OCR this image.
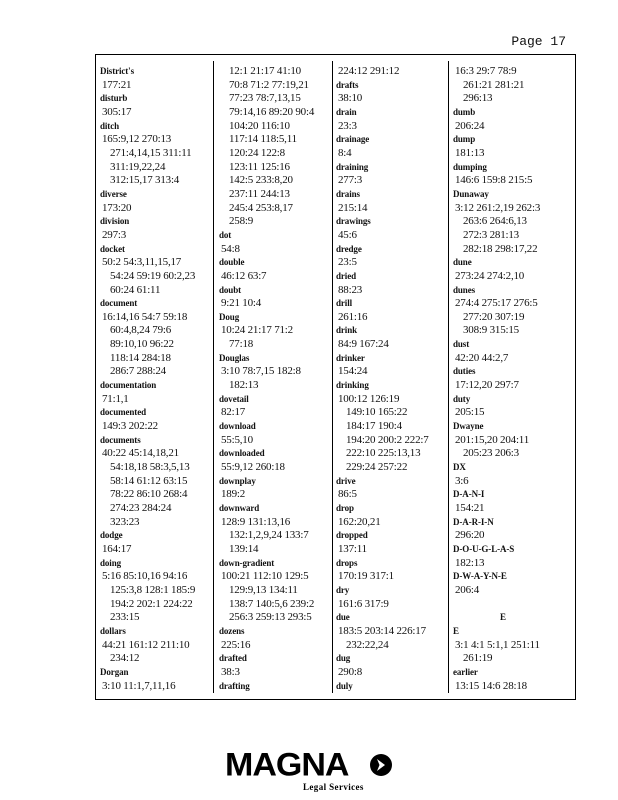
Page 17
District's
177:21
disturb
305:17
ditch
165:9,12 270:13
271:4,14,15 311:11
311:19,22,24
312:15,17 313:4
diverse
173:20
division
297:3
docket
50:2 54:3,11,15,17
54:24 59:19 60:2,23
60:24 61:11
document
16:14,16 54:7 59:18
60:4,8,24 79:6
89:10,10 96:22
118:14 284:18
286:7 288:24
documentation
71:1,1
documented
149:3 202:22
documents
40:22 45:14,18,21
54:18,18 58:3,5,13
58:14 61:12 63:15
78:22 86:10 268:4
274:23 284:24
323:23
dodge
164:17
doing
5:16 85:10,16 94:16
125:3,8 128:1 185:9
194:2 202:1 224:22
233:15
dollars
44:21 161:12 211:10
234:12
Dorgan
3:10 11:1,7,11,16
12:1 21:17 41:10
70:8 71:2 77:19,21
77:23 78:7,13,15
79:14,16 89:20 90:4
104:20 116:10
117:14 118:5,11
120:24 122:8
123:11 125:16
142:5 233:8,20
237:11 244:13
245:4 253:8,17
258:9
dot
54:8
double
46:12 63:7
doubt
9:21 10:4
Doug
10:24 21:17 71:2
77:18
Douglas
3:10 78:7,15 182:8
182:13
dovetail
82:17
download
55:5,10
downloaded
55:9,12 260:18
downplay
189:2
downward
128:9 131:13,16
132:1,2,9,24 133:7
139:14
down-gradient
100:21 112:10 129:5
129:9,13 134:11
138:7 140:5,6 239:2
256:3 259:13 293:5
dozens
225:16
drafted
38:3
drafting
224:12 291:12
drafts
38:10
drain
23:3
drainage
8:4
draining
277:3
drains
215:14
drawings
45:6
dredge
23:5
dried
88:23
drill
261:16
drink
84:9 167:24
drinker
154:24
drinking
100:12 126:19
149:10 165:22
184:17 190:4
194:20 200:2 222:7
222:10 225:13,13
229:24 257:22
drive
86:5
drop
162:20,21
dropped
137:11
drops
170:19 317:1
dry
161:6 317:9
due
183:5 203:14 226:17
232:22,24
dug
290:8
duly
16:3 29:7 78:9
261:21 281:21
296:13
dumb
206:24
dump
181:13
dumping
146:6 159:8 215:5
Dunaway
3:12 261:2,19 262:3
263:6 264:6,13
272:3 281:13
282:18 298:17,22
dune
273:24 274:2,10
dunes
274:4 275:17 276:5
277:20 307:19
308:9 315:15
dust
42:20 44:2,7
duties
17:12,20 297:7
duty
205:15
Dwayne
201:15,20 204:11
205:23 206:3
DX
3:6
D-A-N-I
154:21
D-A-R-I-N
296:20
D-O-U-G-L-A-S
182:13
D-W-A-Y-N-E
206:4

E
E
3:1 4:1 5:1,1 251:11
261:19
earlier
13:15 14:6 28:18
MAGNA
Legal Services
